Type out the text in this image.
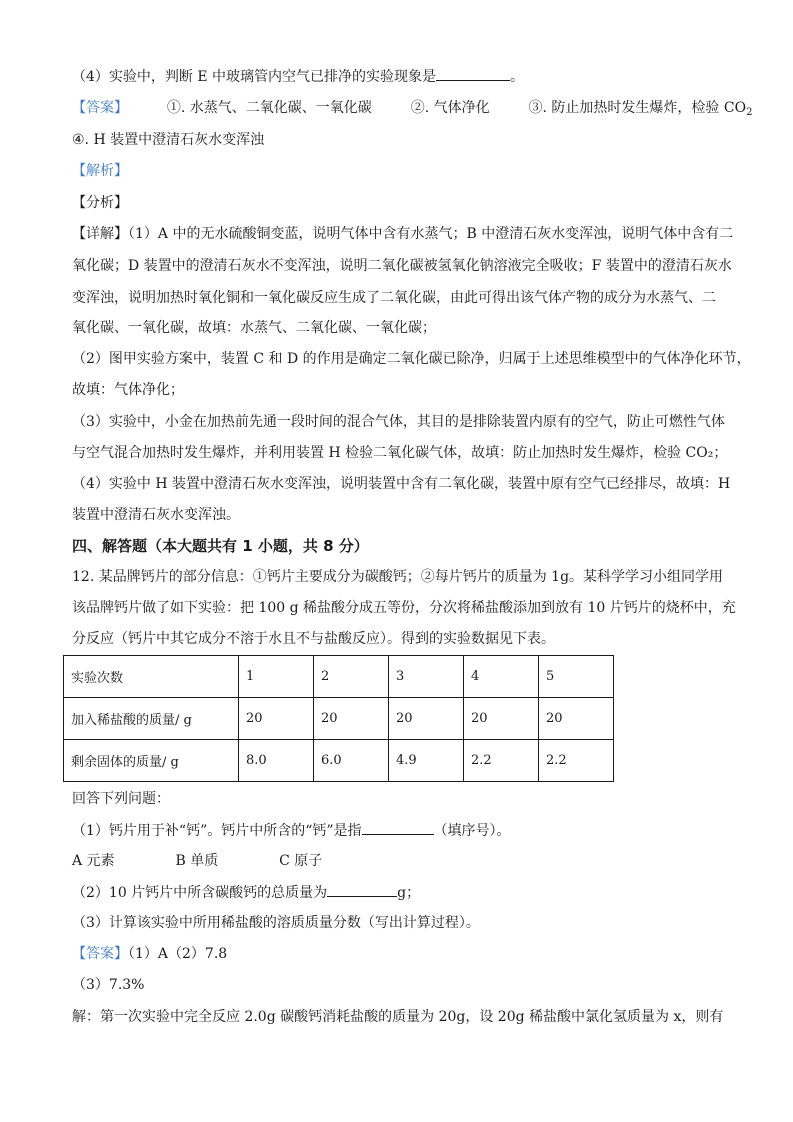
（4）实验中，判断 E 中玻璃管内空气已排净的实验现象是	。
【答案】	①. 水蒸气、二氧化碳、一氧化碳	②. 气体净化	③. 防止加热时发生爆炸，检验 $CO_2$
④. H 装置中澄清石灰水变浑浊
【解析】
【分析】
【详解】（1）A 中的无水硫酸铜变蓝，说明气体中含有水蒸气；B 中澄清石灰水变浑浊，说明气体中含有二
氧化碳；D 装置中的澄清石灰水不变浑浊，说明二氧化碳被氢氧化钠溶液完全吸收；F 装置中的澄清石灰水
变浑浊，说明加热时氧化铜和一氧化碳反应生成了二氧化碳，由此可得出该气体产物的成分为水蒸气、二
氧化碳、一氧化碳，故填：水蒸气、二氧化碳、一氧化碳；
（2）图甲实验方案中，装置 C 和 D 的作用是确定二氧化碳已除净，归属于上述思维模型中的气体净化环节，
故填：气体净化；
（3）实验中，小金在加热前先通一段时间的混合气体，其目的是排除装置内原有的空气，防止可燃性气体
与空气混合加热时发生爆炸，并利用装置 H 检验二氧化碳气体，故填：防止加热时发生爆炸，检验 CO₂；
（4）实验中 H 装置中澄清石灰水变浑浊，说明装置中含有二氧化碳，装置中原有空气已经排尽，故填：H
装置中澄清石灰水变浑浊。
四、解答题（本大题共有 1 小题，共 8 分）
12. 某品牌钙片的部分信息：①钙片主要成分为碳酸钙；②每片钙片的质量为 1g。某科学学习小组同学用
该品牌钙片做了如下实验：把 100 g 稀盐酸分成五等份，分次将稀盐酸添加到放有 10 片钙片的烧杯中，充
分反应（钙片中其它成分不溶于水且不与盐酸反应）。得到的实验数据见下表。
实验次数	1	2	3	4	5
加入稀盐酸的质量/ g	20	20	20	20	20
剩余固体的质量/ g	8.0	6.0	4.9	2.2	2.2
回答下列问题：
（1）钙片用于补“钙”。钙片中所含的“钙”是指	（填序号）。
A 元素	B 单质	C 原子
（2）10 片钙片中所含碳酸钙的总质量为	g；
（3）计算该实验中所用稀盐酸的溶质质量分数（写出计算过程）。
【答案】（1）A（2）7.8
（3）7.3%
解：第一次实验中完全反应 2.0g 碳酸钙消耗盐酸的质量为 20g，设 20g 稀盐酸中氯化氢质量为 x，则有
